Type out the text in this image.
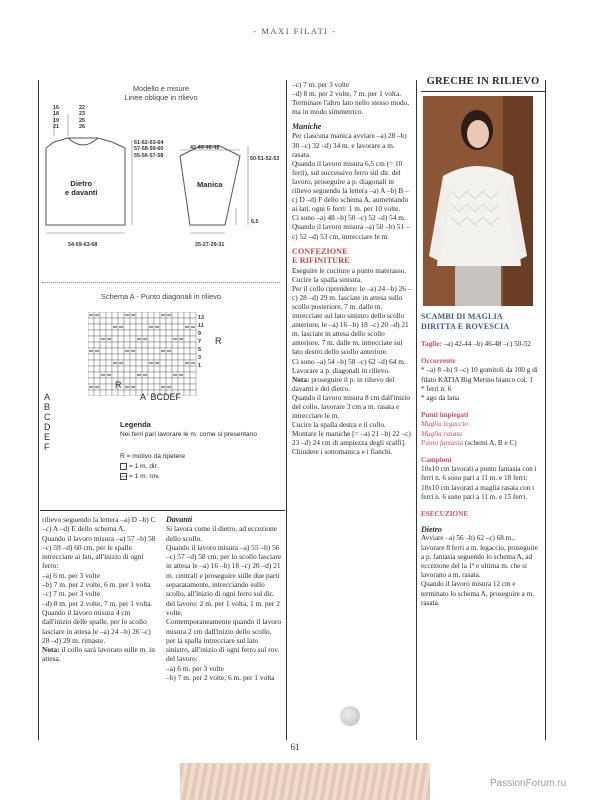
- MAXI FILATI -
Modello e misure
Linee oblique in rilievo
16
18
19
21
22
23
25
26
61-62-63-64
57-58-59-60
55-56-57-58
Dietro
e davanti
Manica
42-44-46-48
50-51-52-53
6,5
54-59-63-68	25-27-29-31
Schema A - Punto diagonali in rilievo
13
11
9
7
5
3
1
R
R
A  BCDEF
A
B
C
D
E
F
Legenda
Nei ferri pari lavorare le m. come si presentano
R = motivo da ripetere
= 1 m. dir.
= 1 m. rov.

rilievo seguendo la lettera –a) D –b) C –c) A –d) E dello schema A.

Quando il lavoro misura –a) 57 –b) 58 –c) 59 –d) 60 cm, per le spalle intrecciare ai lati, all'inizio di ogni ferro:

–a) 6 m. per 3 volte

–b) 7 m. per 2 volte, 6 m. per 1 volta

–c) 7 m. per 3 volte

–d) 8 m. per 2 volte, 7 m. per 1 volta.

Quando il lavoro misura 4 cm dall'inizio delle spalle, per lo scollo lasciare in attesa le –a) 24 –b) 26 –c) 28 –d) 29 m. rimaste.

Nota: il collo sarà lavorato sulle m. in attesa.

Davanti

Si lavora come il dietro, ad eccezione dello scollo.

Quando il lavoro misura –a) 55 –b) 56 –c) 57 –d) 58 cm, per lo scollo lasciare in attesa le –a) 16 –b) 18 –c) 20 –d) 21 m. centrali e proseguire sulle due parti separatamente, intrecciando sullo scollo, all'inizio di ogni ferro sul dir. del lavoro: 2 m. per 1 volta, 1 m. per 2 volte.

Contemporaneamente quando il lavoro misura 2 cm dall'inizio dello scollo, per la spalla intrecciare sul lato sinistro, all'inizio di ogni ferro sul rov. del lavoro:

–a) 6 m. per 3 volte

–b) 7 m. per 2 volte, 6 m. per 1 volta

–c) 7 m. per 3 volte

–d) 8 m. per 2 volte, 7 m. per 1 volta.

Terminare l'altro lato nello stesso modo, ma in modo simmetrico.

Maniche

Per ciascuna manica avviare –a) 28 –b) 30 –c) 32 –d) 34 m. e lavorare a m. rasata.

Quando il lavoro misura 6,5 cm (= 10 ferri), sul successivo ferro sul dir. del lavoro, proseguire a p. diagonali in rilievo seguendo la lettera –a) A –b) B –c) D –d) F dello schema A, aumentando ai lati, ogni 6 ferri: 1 m. per 10 volte.

Ci sono –a) 48 –b) 50 –c) 52 –d) 54 m.

Quando il lavoro misura –a) 50 –b) 51 –c) 52 –d) 53 cm, intrecciare le m.

CONFEZIONE

E RIFINITURE

Eseguire le cuciture a punto materasso.

Cucire la spalla sinistra.

Per il collo riprendere: le –a) 24 –b) 26 –c) 28 –d) 29 m. lasciate in attesa sullo scollo posteriore, 7 m. dalle m. intrecciate sul lato sinistro dello scollo anteriore, le –a) 16 –b) 18 –c) 20 –d) 21 m. lasciate in attesa dello scollo anteriore, 7 m. dalle m. intrecciate sul lato destro dello scollo anteriore.

Ci sono –a) 54 –b) 58 –c) 62 –d) 64 m.

Lavorare a p. diagonali in rilievo.

Nota: proseguire il p. in rilievo del davanti e del dietro.

Quando il lavoro misura 8 cm dall'inizio del collo, lavorare 3 cm a m. rasata e intrecciare le m.

Cucire la spalla destra e il collo.

Montare le maniche [= –a) 21 –b) 22 –c) 23 –d) 24 cm di ampiezza degli scalfi].

Chiudere i sottomanica e i fianchi.

GRECHE IN RILIEVO

SCAMBI DI MAGLIA DIRITTA E ROVESCIA

Taglie: –a) 42-44 –b) 46-48 –c) 50-52

Occorrente

* –a) 8 –b) 9 –c) 10 gomitoli da 100 g di filato KATIA Big Merino bianco col. 1

* ferri n. 6

* ago da lana

Punti impiegati

Maglia legaccio

Maglia rasata

Punto fantasia (schemi A, B e C)

Campioni

10x10 cm lavorati a punto fantasia con i ferri n. 6 sono pari a 11 m. e 18 ferri;

10x10 cm lavorati a maglia rasata con i ferri n. 6 sono pari a 11 m. e 15 ferri.

ESECUZIONE

Dietro

Avviare –a) 56 –b) 62 –c) 68 m., lavorare 8 ferri a m. legaccio, proseguire a p. fantasia seguendo lo schema A, ad eccezione del la 1ª e ultima m. che si lavorano a m. rasata.

Quando il lavoro misura 12 cm e terminato lo schema A, proseguire a m. rasata.

61
PassionForum.ru
